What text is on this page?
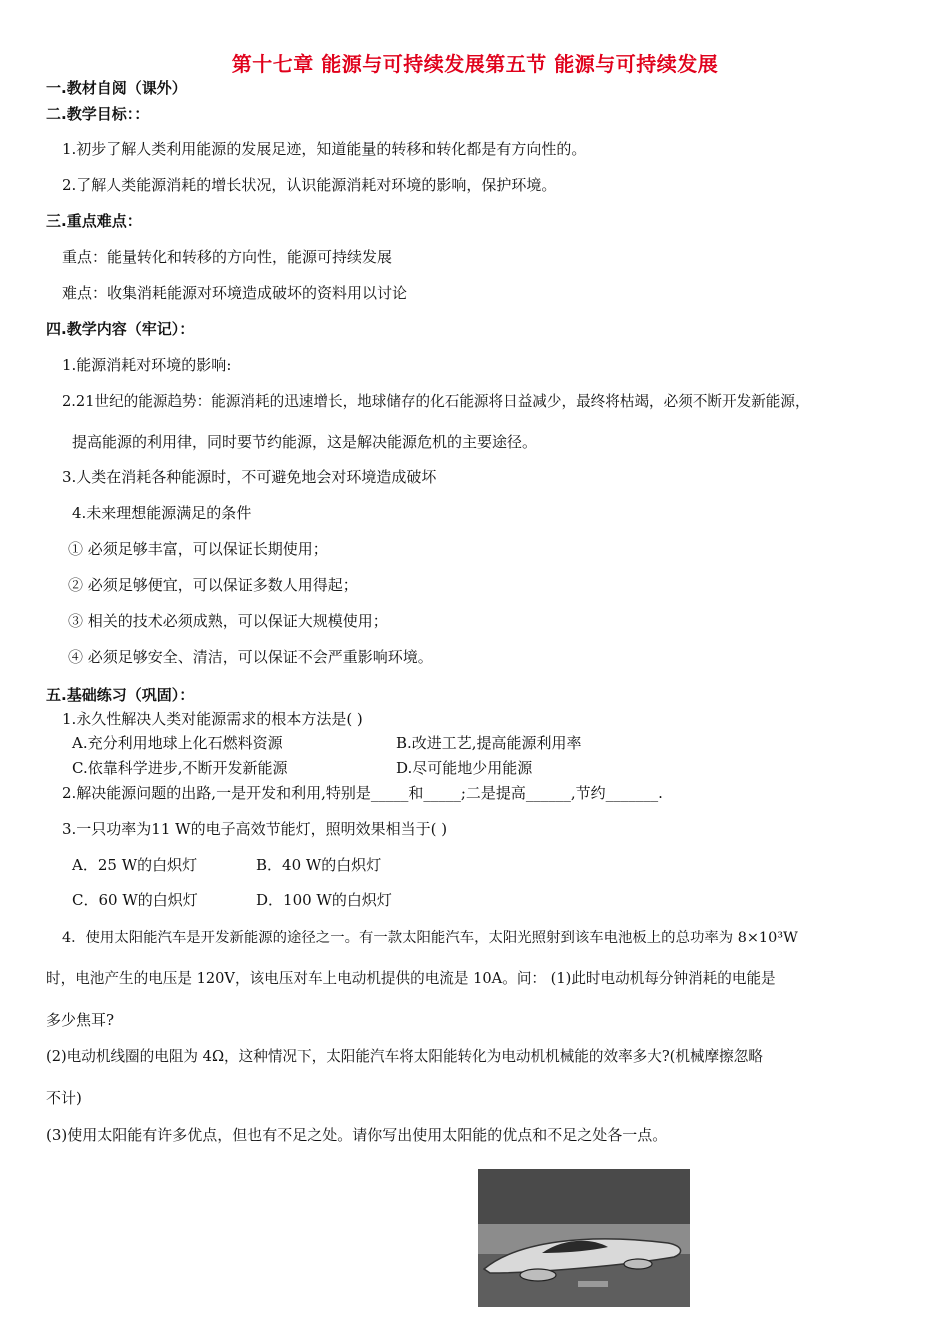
第十七章 能源与可持续发展第五节 能源与可持续发展
一.教材自阅（课外）
二.教学目标：：
1.初步了解人类利用能源的发展足迹，知道能量的转移和转化都是有方向性的。
2.了解人类能源消耗的增长状况，认识能源消耗对环境的影响，保护环境。
三.重点难点：
重点：能量转化和转移的方向性，能源可持续发展
难点：收集消耗能源对环境造成破坏的资料用以讨论
四.教学内容（牢记）：
1.能源消耗对环境的影响:
2.21世纪的能源趋势：能源消耗的迅速增长，地球储存的化石能源将日益减少，最终将枯竭，必须不断开发新能源，
提高能源的利用律，同时要节约能源，这是解决能源危机的主要途径。
3.人类在消耗各种能源时，不可避免地会对环境造成破坏
4.未来理想能源满足的条件
① 必须足够丰富，可以保证长期使用；
② 必须足够便宜，可以保证多数人用得起；
③ 相关的技术必须成熟，可以保证大规模使用；
④ 必须足够安全、清洁，可以保证不会严重影响环境。
五.基础练习（巩固）：
1.永久性解决人类对能源需求的根本方法是( )
A.充分利用地球上化石燃料资源	B.改进工艺,提高能源利用率
C.依靠科学进步,不断开发新能源	D.尽可能地少用能源
2.解决能源问题的出路,一是开发和利用,特别是_____和_____;二是提高______,节约_______.
3.一只功率为11 W的电子高效节能灯，照明效果相当于( )
A．25 W的白炽灯	B．40 W的白炽灯
C．60 W的白炽灯	D．100 W的白炽灯
4．使用太阳能汽车是开发新能源的途径之一。有一款太阳能汽车，太阳光照射到该车电池板上的总功率为 8×10³W
时，电池产生的电压是 120V，该电压对车上电动机提供的电流是 10A。问： (1)此时电动机每分钟消耗的电能是
多少焦耳?
(2)电动机线圈的电阻为 4Ω，这种情况下，太阳能汽车将太阳能转化为电动机机械能的效率多大?(机械摩擦忽略
不计)
(3)使用太阳能有许多优点，但也有不足之处。请你写出使用太阳能的优点和不足之处各一点。
